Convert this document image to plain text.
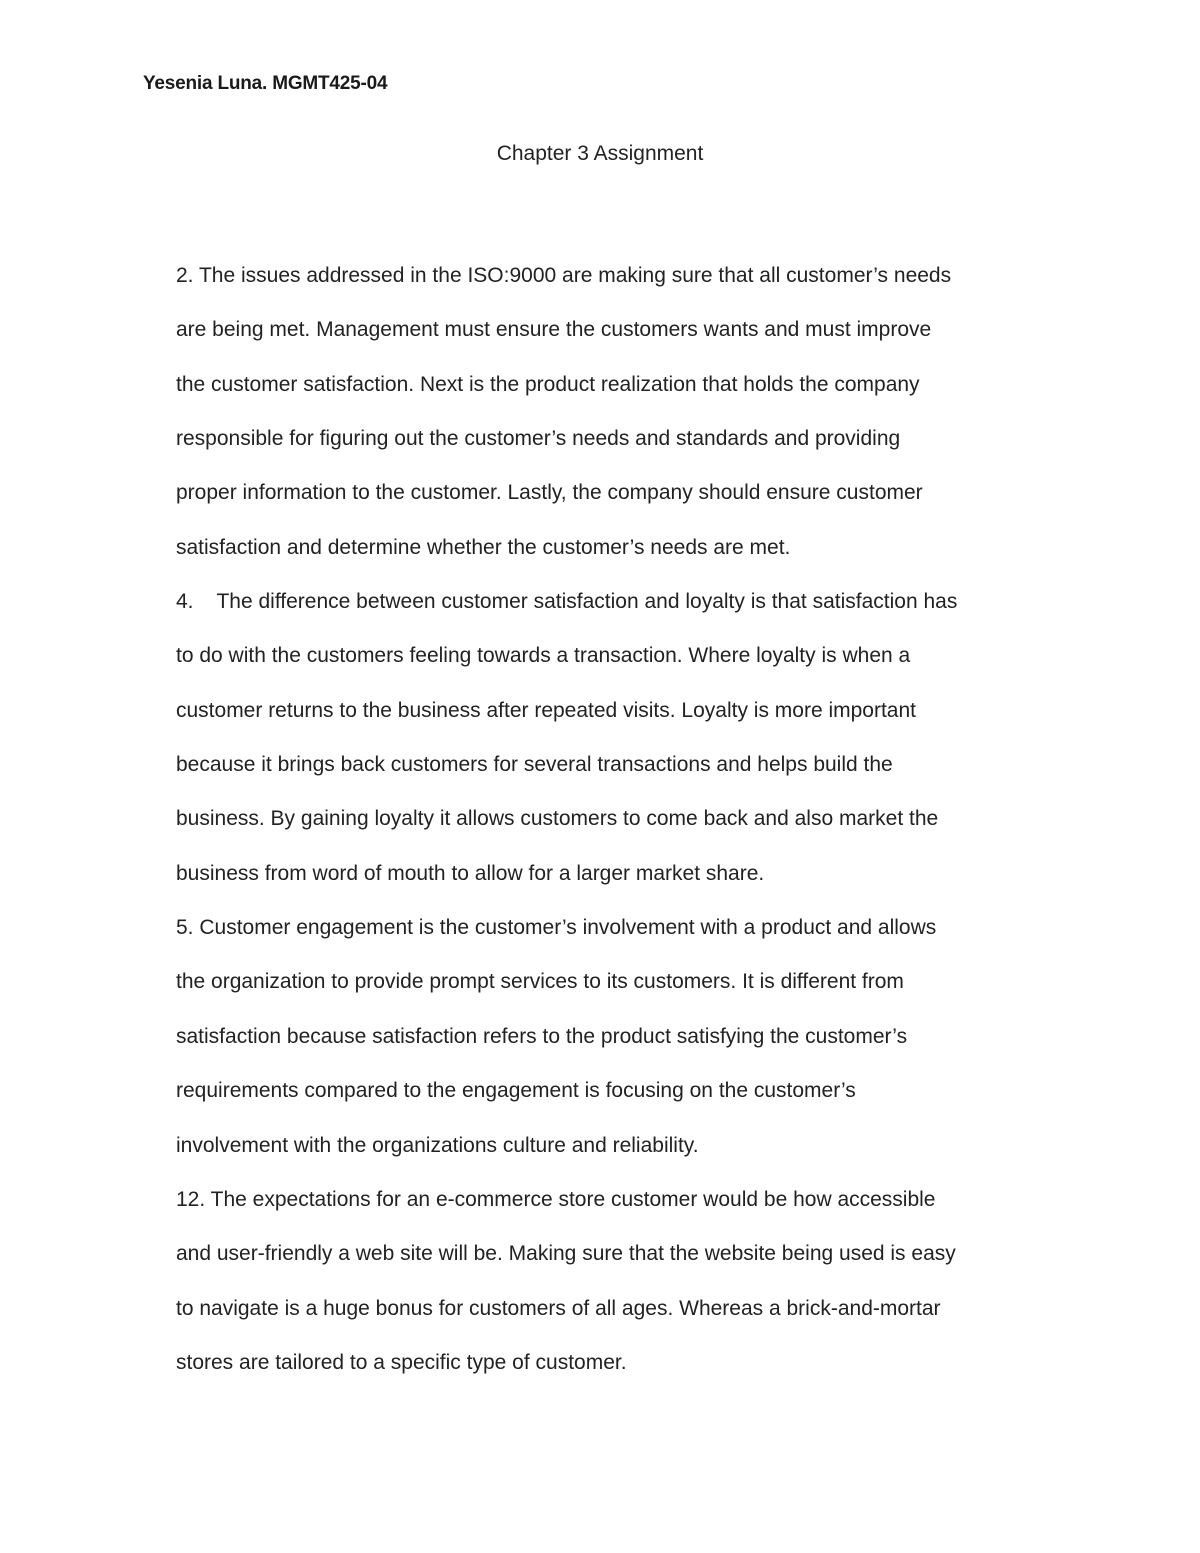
Yesenia Luna. MGMT425-04
Chapter 3 Assignment
2. The issues addressed in the ISO:9000 are making sure that all customer’s needs
are being met. Management must ensure the customers wants and must improve
the customer satisfaction. Next is the product realization that holds the company
responsible for figuring out the customer’s needs and standards and providing
proper information to the customer. Lastly, the company should ensure customer
satisfaction and determine whether the customer’s needs are met.
4.    The difference between customer satisfaction and loyalty is that satisfaction has
to do with the customers feeling towards a transaction. Where loyalty is when a
customer returns to the business after repeated visits. Loyalty is more important
because it brings back customers for several transactions and helps build the
business. By gaining loyalty it allows customers to come back and also market the
business from word of mouth to allow for a larger market share.
5. Customer engagement is the customer’s involvement with a product and allows
the organization to provide prompt services to its customers. It is different from
satisfaction because satisfaction refers to the product satisfying the customer’s
requirements compared to the engagement is focusing on the customer’s
involvement with the organizations culture and reliability.
12. The expectations for an e-commerce store customer would be how accessible
and user-friendly a web site will be. Making sure that the website being used is easy
to navigate is a huge bonus for customers of all ages. Whereas a brick-and-mortar
stores are tailored to a specific type of customer.
